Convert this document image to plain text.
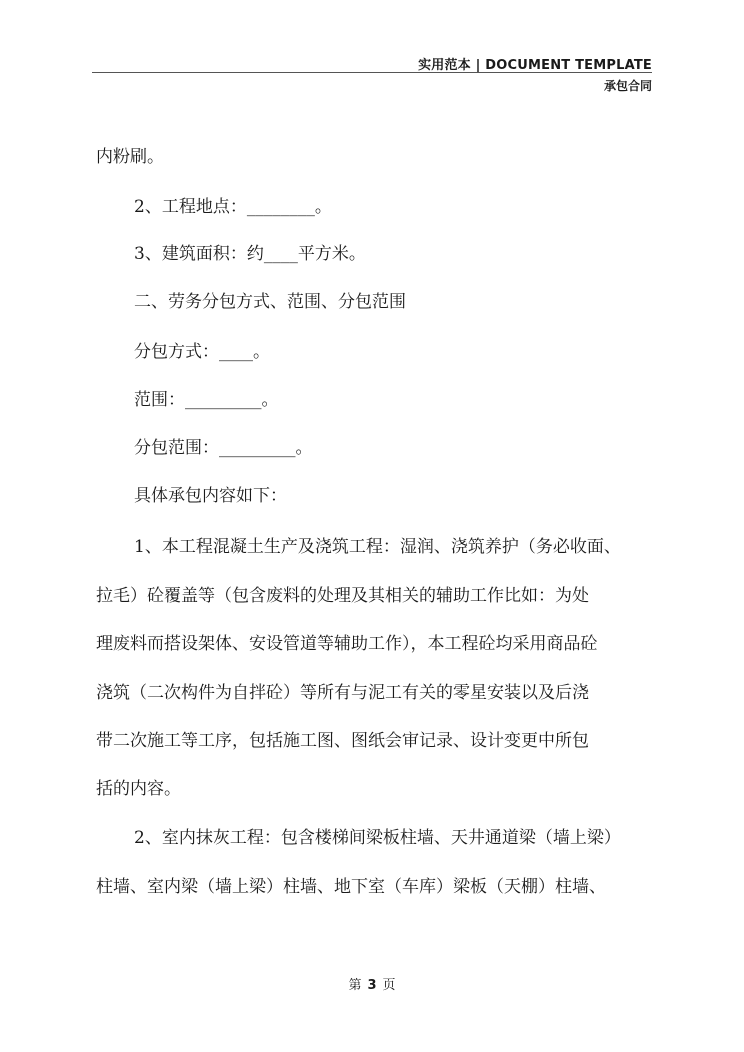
实用范本 | DOCUMENT TEMPLATE
承包合同
内粉刷。
2、工程地点：________。
3、建筑面积：约____平方米。
二、劳务分包方式、范围、分包范围
分包方式：____。
范围：_________。
分包范围：_________。
具体承包内容如下：
1、本工程混凝土生产及浇筑工程：湿润、浇筑养护（务必收面、
拉毛）砼覆盖等（包含废料的处理及其相关的辅助工作比如：为处
理废料而搭设架体、安设管道等辅助工作），本工程砼均采用商品砼
浇筑（二次构件为自拌砼）等所有与泥工有关的零星安装以及后浇
带二次施工等工序，包括施工图、图纸会审记录、设计变更中所包
括的内容。
2、室内抹灰工程：包含楼梯间梁板柱墙、天井通道梁（墙上梁）
柱墙、室内梁（墙上梁）柱墙、地下室（车库）梁板（天棚）柱墙、
第 3 页
